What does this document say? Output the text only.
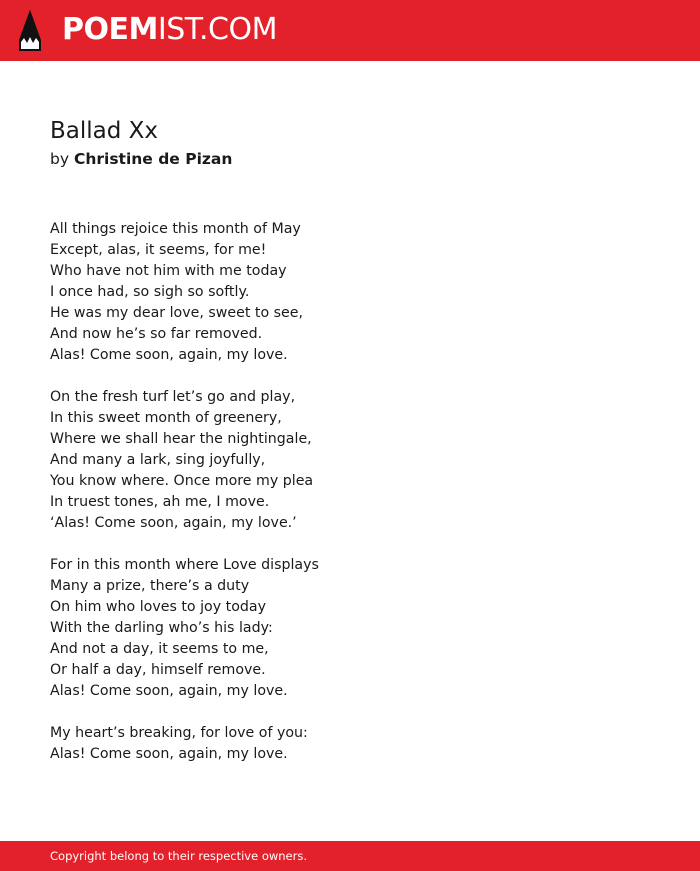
POEMIST.COM
Ballad Xx
by Christine de Pizan
All things rejoice this month of May
Except, alas, it seems, for me!
Who have not him with me today
I once had, so sigh so softly.
He was my dear love, sweet to see,
And now he’s so far removed.
Alas! Come soon, again, my love.
On the fresh turf let’s go and play,
In this sweet month of greenery,
Where we shall hear the nightingale,
And many a lark, sing joyfully,
You know where. Once more my plea
In truest tones, ah me, I move.
‘Alas! Come soon, again, my love.’
For in this month where Love displays
Many a prize, there’s a duty
On him who loves to joy today
With the darling who’s his lady:
And not a day, it seems to me,
Or half a day, himself remove.
Alas! Come soon, again, my love.
My heart’s breaking, for love of you:
Alas! Come soon, again, my love.
Copyright belong to their respective owners.
